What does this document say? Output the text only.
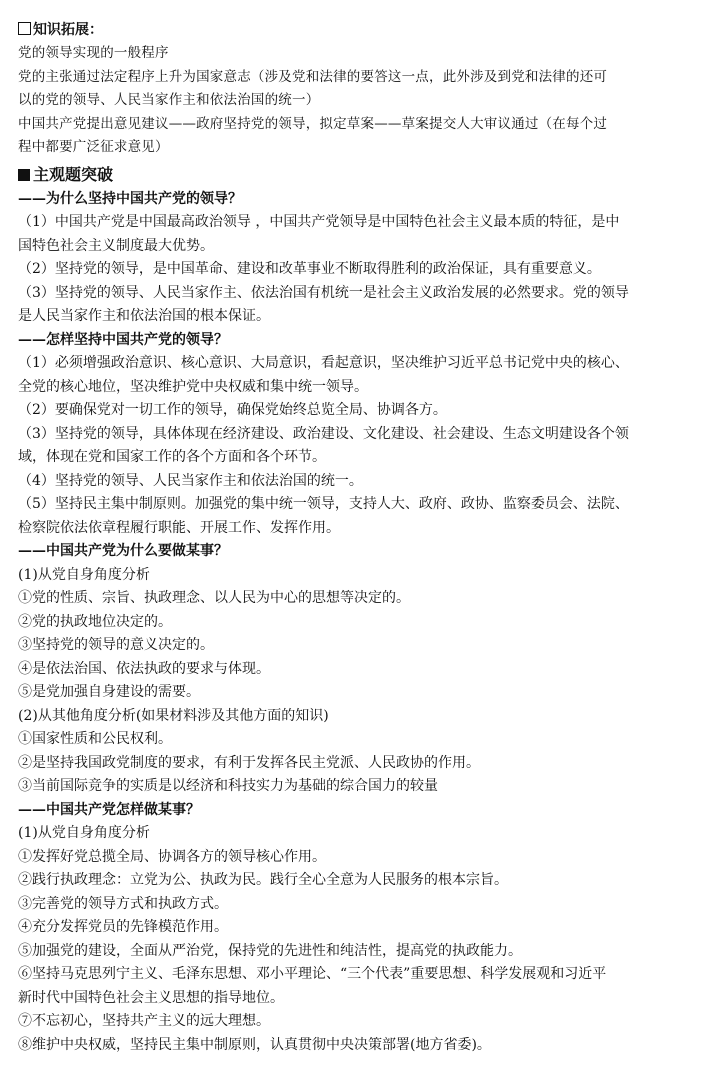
知识拓展：
党的领导实现的一般程序
党的主张通过法定程序上升为国家意志（涉及党和法律的要答这一点，此外涉及到党和法律的还可
以的党的领导、人民当家作主和依法治国的统一）
中国共产党提出意见建议——政府坚持党的领导，拟定草案——草案提交人大审议通过（在每个过
程中都要广泛征求意见）
主观题突破
——为什么坚持中国共产党的领导？
（1）中国共产党是中国最高政治领导 ，中国共产党领导是中国特色社会主义最本质的特征，是中
国特色社会主义制度最大优势。
（2）坚持党的领导，是中国革命、建设和改革事业不断取得胜利的政治保证，具有重要意义。
（3）坚持党的领导、人民当家作主、依法治国有机统一是社会主义政治发展的必然要求。党的领导
是人民当家作主和依法治国的根本保证。
——怎样坚持中国共产党的领导？
（1）必须增强政治意识、核心意识、大局意识，看起意识，坚决维护习近平总书记党中央的核心、
全党的核心地位，坚决维护党中央权威和集中统一领导。
（2）要确保党对一切工作的领导，确保党始终总览全局、协调各方。
（3）坚持党的领导，具体体现在经济建设、政治建设、文化建设、社会建设、生态文明建设各个领
域，体现在党和国家工作的各个方面和各个环节。
（4）坚持党的领导、人民当家作主和依法治国的统一。
（5）坚持民主集中制原则。加强党的集中统一领导，支持人大、政府、政协、监察委员会、法院、
检察院依法依章程履行职能、开展工作、发挥作用。
——中国共产党为什么要做某事？
(1)从党自身角度分析
①党的性质、宗旨、执政理念、以人民为中心的思想等决定的。
②党的执政地位决定的。
③坚持党的领导的意义决定的。
④是依法治国、依法执政的要求与体现。
⑤是党加强自身建设的需要。
(2)从其他角度分析(如果材料涉及其他方面的知识)
①国家性质和公民权利。
②是坚持我国政党制度的要求，有利于发挥各民主党派、人民政协的作用。
③当前国际竞争的实质是以经济和科技实力为基础的综合国力的较量
——中国共产党怎样做某事？
(1)从党自身角度分析
①发挥好党总揽全局、协调各方的领导核心作用。
②践行执政理念：立党为公、执政为民。践行全心全意为人民服务的根本宗旨。
③完善党的领导方式和执政方式。
④充分发挥党员的先锋模范作用。
⑤加强党的建设，全面从严治党，保持党的先进性和纯洁性，提高党的执政能力。
⑥坚持马克思列宁主义、毛泽东思想、邓小平理论、“三个代表”重要思想、科学发展观和习近平
新时代中国特色社会主义思想的指导地位。
⑦不忘初心，坚持共产主义的远大理想。
⑧维护中央权威，坚持民主集中制原则，认真贯彻中央决策部署(地方省委)。
